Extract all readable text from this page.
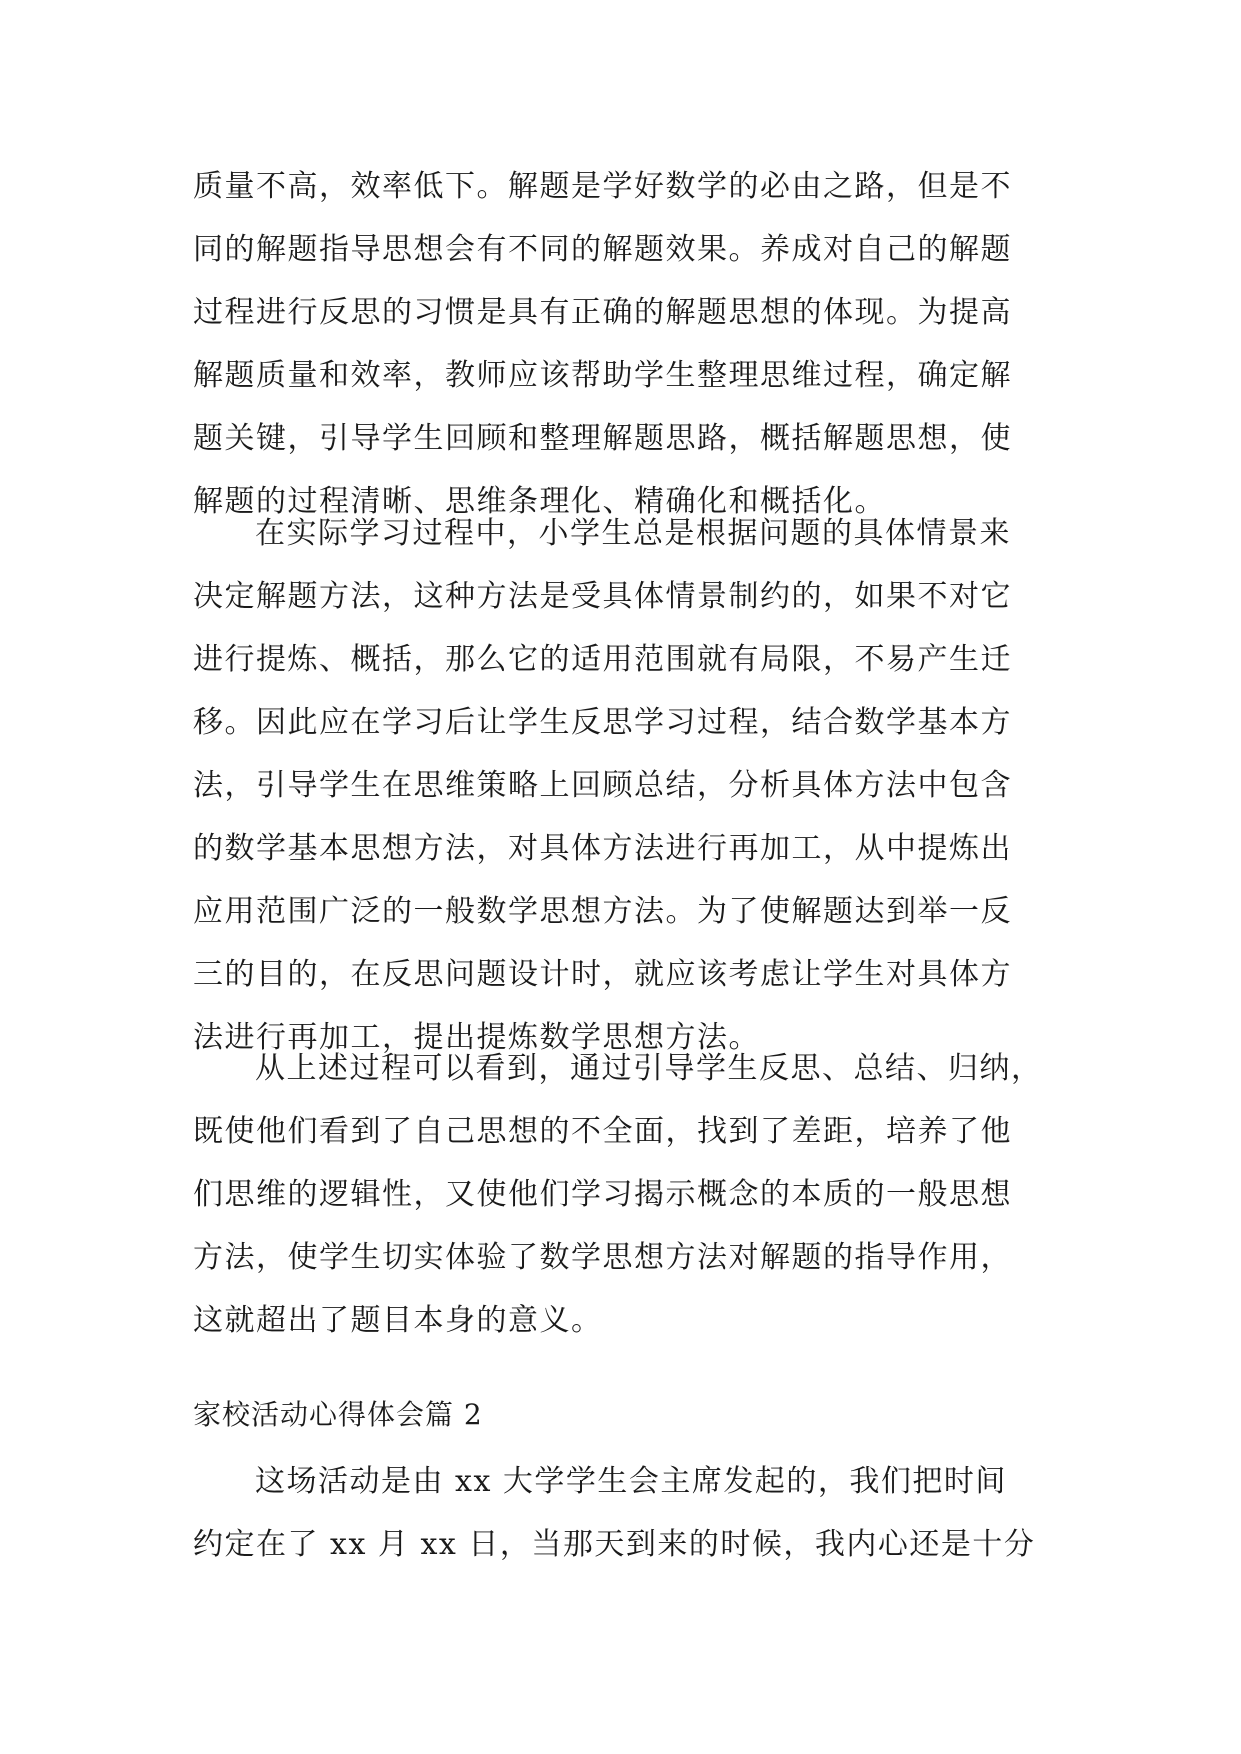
质量不高，效率低下。解题是学好数学的必由之路，但是不
同的解题指导思想会有不同的解题效果。养成对自己的解题
过程进行反思的习惯是具有正确的解题思想的体现。为提高
解题质量和效率，教师应该帮助学生整理思维过程，确定解
题关键，引导学生回顾和整理解题思路，概括解题思想，使
解题的过程清晰、思维条理化、精确化和概括化。
在实际学习过程中，小学生总是根据问题的具体情景来
决定解题方法，这种方法是受具体情景制约的，如果不对它
进行提炼、概括，那么它的适用范围就有局限，不易产生迁
移。因此应在学习后让学生反思学习过程，结合数学基本方
法，引导学生在思维策略上回顾总结，分析具体方法中包含
的数学基本思想方法，对具体方法进行再加工，从中提炼出
应用范围广泛的一般数学思想方法。为了使解题达到举一反
三的目的，在反思问题设计时，就应该考虑让学生对具体方
法进行再加工，提出提炼数学思想方法。
从上述过程可以看到，通过引导学生反思、总结、归纳，
既使他们看到了自己思想的不全面，找到了差距，培养了他
们思维的逻辑性，又使他们学习揭示概念的本质的一般思想
方法，使学生切实体验了数学思想方法对解题的指导作用，
这就超出了题目本身的意义。
家校活动心得体会篇 2
这场活动是由 xx 大学学生会主席发起的，我们把时间
约定在了 xx 月 xx 日，当那天到来的时候，我内心还是十分
